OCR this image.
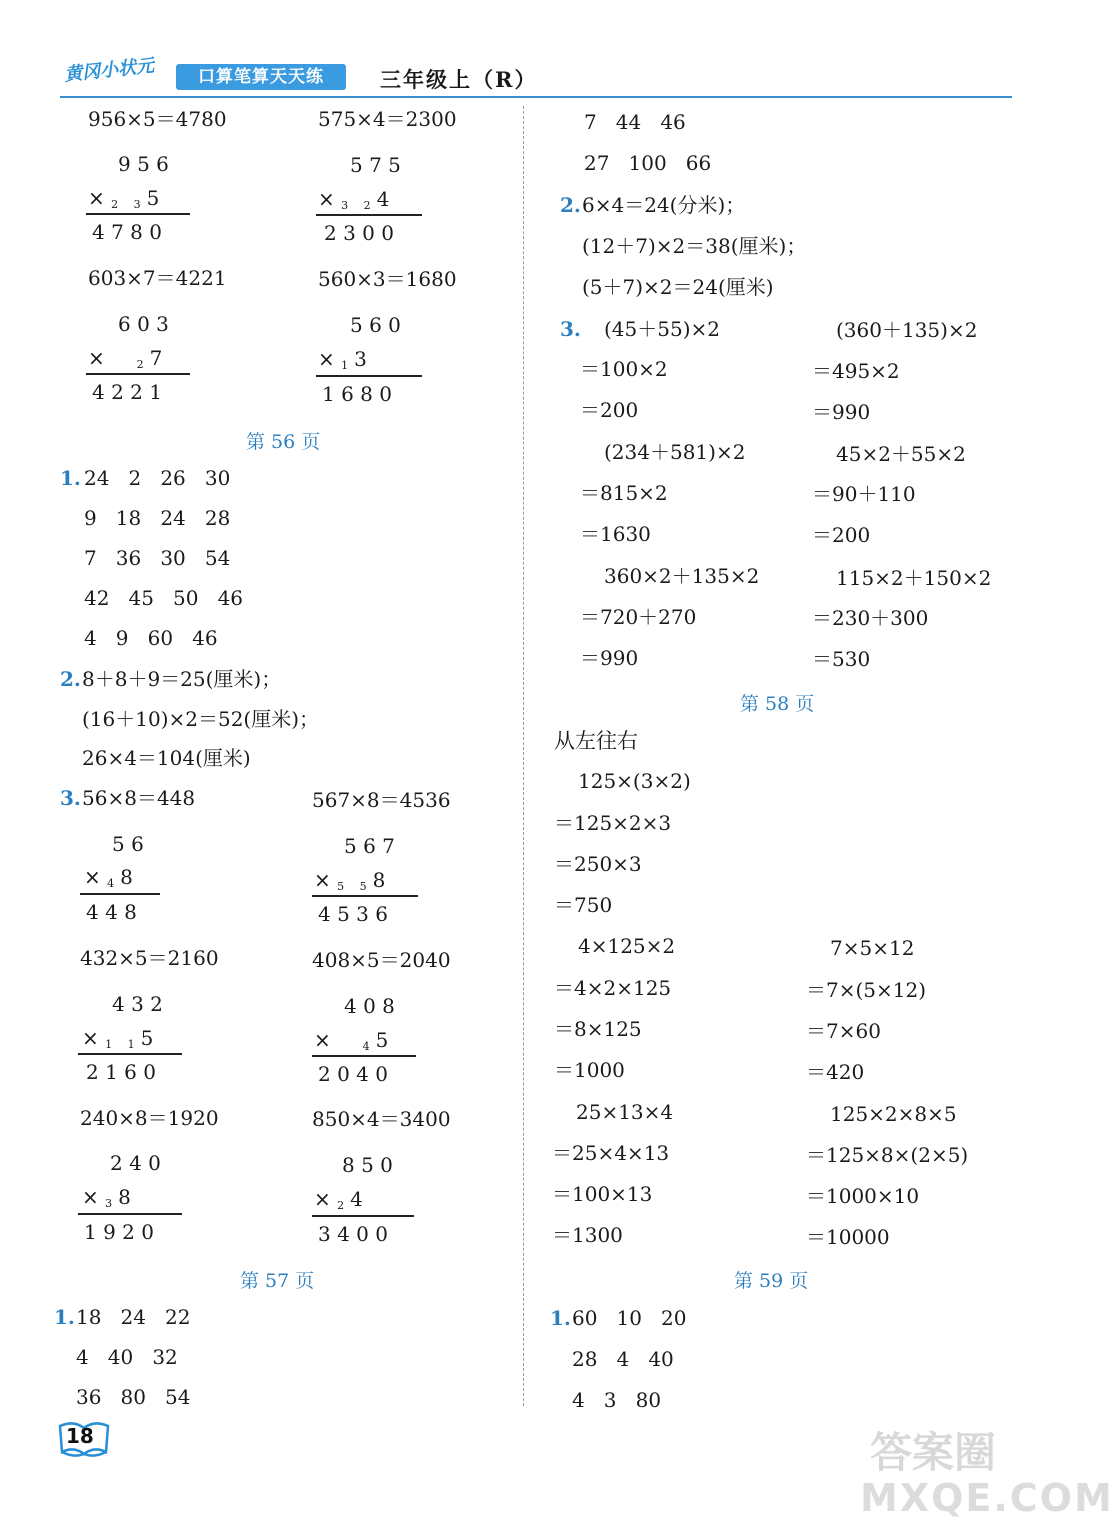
黄冈小状元	口算笔算天天练	三年级上（R）
956×5＝4780	575×4＝2300
9 5 6
× 2 35
4 7 8 0
5 7 5
× 3 24
2 3 0 0
603×7＝4221	560×3＝1680
6 0 3
×	27
4 2 2 1
5 6 0
× 13
1 6 8 0
第 56 页
1. 24   2   26   30
9   18   24   28
7   36   30   54
42   45   50   46
4   9   60   46
2. 8＋8＋9＝25(厘米)；
(16＋10)×2＝52(厘米)；
26×4＝104(厘米)
3. 56×8＝448	567×8＝4536
5 6
× 48
4 4 8
5 6 7
× 5 58
4 5 3 6
432×5＝2160	408×5＝2040
4 3 2
× 1 15
2 1 6 0
4 0 8
×	45
2 0 4 0
240×8＝1920	850×4＝3400
2 4 0
× 38
1 9 2 0
8 5 0
× 24
3 4 0 0
第 57 页
1. 18   24   22
4   40   32
36   80   54
7   44   46
27   100   66
2. 6×4＝24(分米)；
(12＋7)×2＝38(厘米)；
(5＋7)×2＝24(厘米)
3. (45＋55)×2
＝100×2
＝200
(360＋135)×2
＝495×2
＝990
(234＋581)×2
＝815×2
＝1630
45×2＋55×2
＝90＋110
＝200
360×2＋135×2
＝720＋270
＝990
115×2＋150×2
＝230＋300
＝530
第 58 页
从左往右
125×(3×2)
＝125×2×3
＝250×3
＝750
4×125×2
＝4×2×125
＝8×125
＝1000
7×5×12
＝7×(5×12)
＝7×60
＝420
25×13×4
＝25×4×13
＝100×13
＝1300
125×2×8×5
＝125×8×(2×5)
＝1000×10
＝10000
第 59 页
1. 60   10   20
28   4   40
4   3   80
18	答案圈
MXQE.COM
